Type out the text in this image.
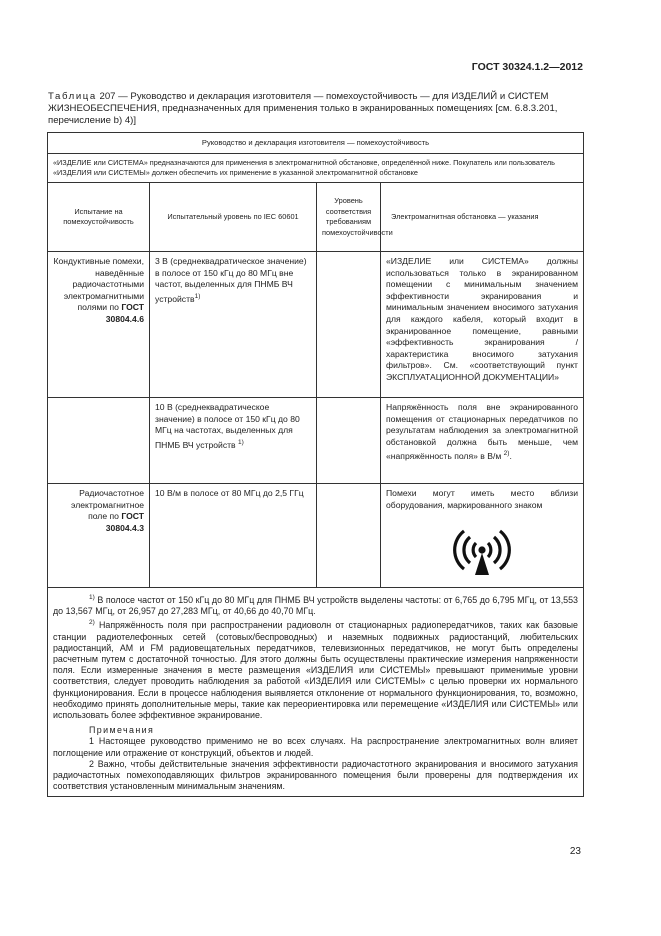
ГОСТ 30324.1.2—2012
Таблица 207 — Руководство и декларация изготовителя — помехоустойчивость — для ИЗДЕЛИЙ и СИСТЕМ ЖИЗНЕОБЕСПЕЧЕНИЯ, предназначенных для применения только в экранированных помещениях [см. 6.8.3.201, перечисление b) 4)]
Руководство и декларация изготовителя — помехоустойчивость			
«ИЗДЕЛИЕ или СИСТЕМА» предназначаются для применения в электромагнитной обстановке, определённой ниже. Покупатель или пользователь «ИЗДЕЛИЯ или СИСТЕМЫ» должен обеспечить их применение в указанной электромагнитной обстановке			
Испытание на помехоустойчивость	Испытательный уровень по IEC 60601	Уровень соответствия требованиям помехоустойчивости	Электромагнитная обстановка — указания
Кондуктивные помехи, наведённые радиочастотными электромагнитными полями по ГОСТ 30804.4.6	3 В (среднеквадратическое значение) в полосе от 150 кГц до 80 МГц вне частот, выделенных для ПНМБ ВЧ устройств$^{1)}$		«ИЗДЕЛИЕ или СИСТЕМА» должны использоваться только в экранированном помещении с минимальным значением эффективности экранирования и минимальным значением вносимого затухания для каждого кабеля, который входит в экранированное помещение, равными «эффективность экранирования / характеристика вносимого затухания фильтров». См. «соответствующий пункт ЭКСПЛУАТАЦИОННОЙ ДОКУМЕНТАЦИИ»
	10 В (среднеквадратическое значение) в полосе от 150 кГц до 80 МГц на частотах, выделенных для ПНМБ ВЧ устройств $^{1)}$		Напряжённость поля вне экранированного помещения от стационарных передатчиков по результатам наблюдения за электромагнитной обстановкой должна быть меньше, чем «напряжённость поля» в В/м $^{2)}$.
Радиочастотное электромагнитное поле по ГОСТ 30804.4.3	10 В/м в полосе от 80 МГц до 2,5 ГГц		Помехи могут иметь место вблизи оборудования, маркированного знаком

$^{1)}$ В полосе частот от 150 кГц до 80 МГц для ПНМБ ВЧ устройств выделены частоты: от 6,765 до 6,795 МГц, от 13,553 до 13,567 МГц, от 26,957 до 27,283 МГц, от 40,66 до 40,70 МГц.

$^{2)}$ Напряжённость поля при распространении радиоволн от стационарных радиопередатчиков, таких как базовые станции радиотелефонных сетей (сотовых/беспроводных) и наземных подвижных радиостанций, любительских радиостанций, AM и FM радиовещательных передатчиков, телевизионных передатчиков, не могут быть определены расчетным путем с достаточной точностью. Для этого должны быть осуществлены практические измерения напряженности поля. Если измеренные значения в месте размещения «ИЗДЕЛИЯ или СИСТЕМЫ» превышают применимые уровни соответствия, следует проводить наблюдения за работой «ИЗДЕЛИЯ или СИСТЕМЫ» с целью проверки их нормального функционирования. Если в процессе наблюдения выявляется отклонение от нормального функционирования, то, возможно, необходимо принять дополнительные меры, такие как переориентировка или перемещение «ИЗДЕЛИЯ или СИСТЕМЫ» или использовать более эффективное экранирование.

Примечания

1 Настоящее руководство применимо не во всех случаях. На распространение электромагнитных волн влияет поглощение или отражение от конструкций, объектов и людей.

2 Важно, чтобы действительные значения эффективности радиочастотного экранирования и вносимого затухания радиочастотных помехоподавляющих фильтров экранированного помещения были проверены для подтверждения их соответствия установленным минимальным значениям.			

23
